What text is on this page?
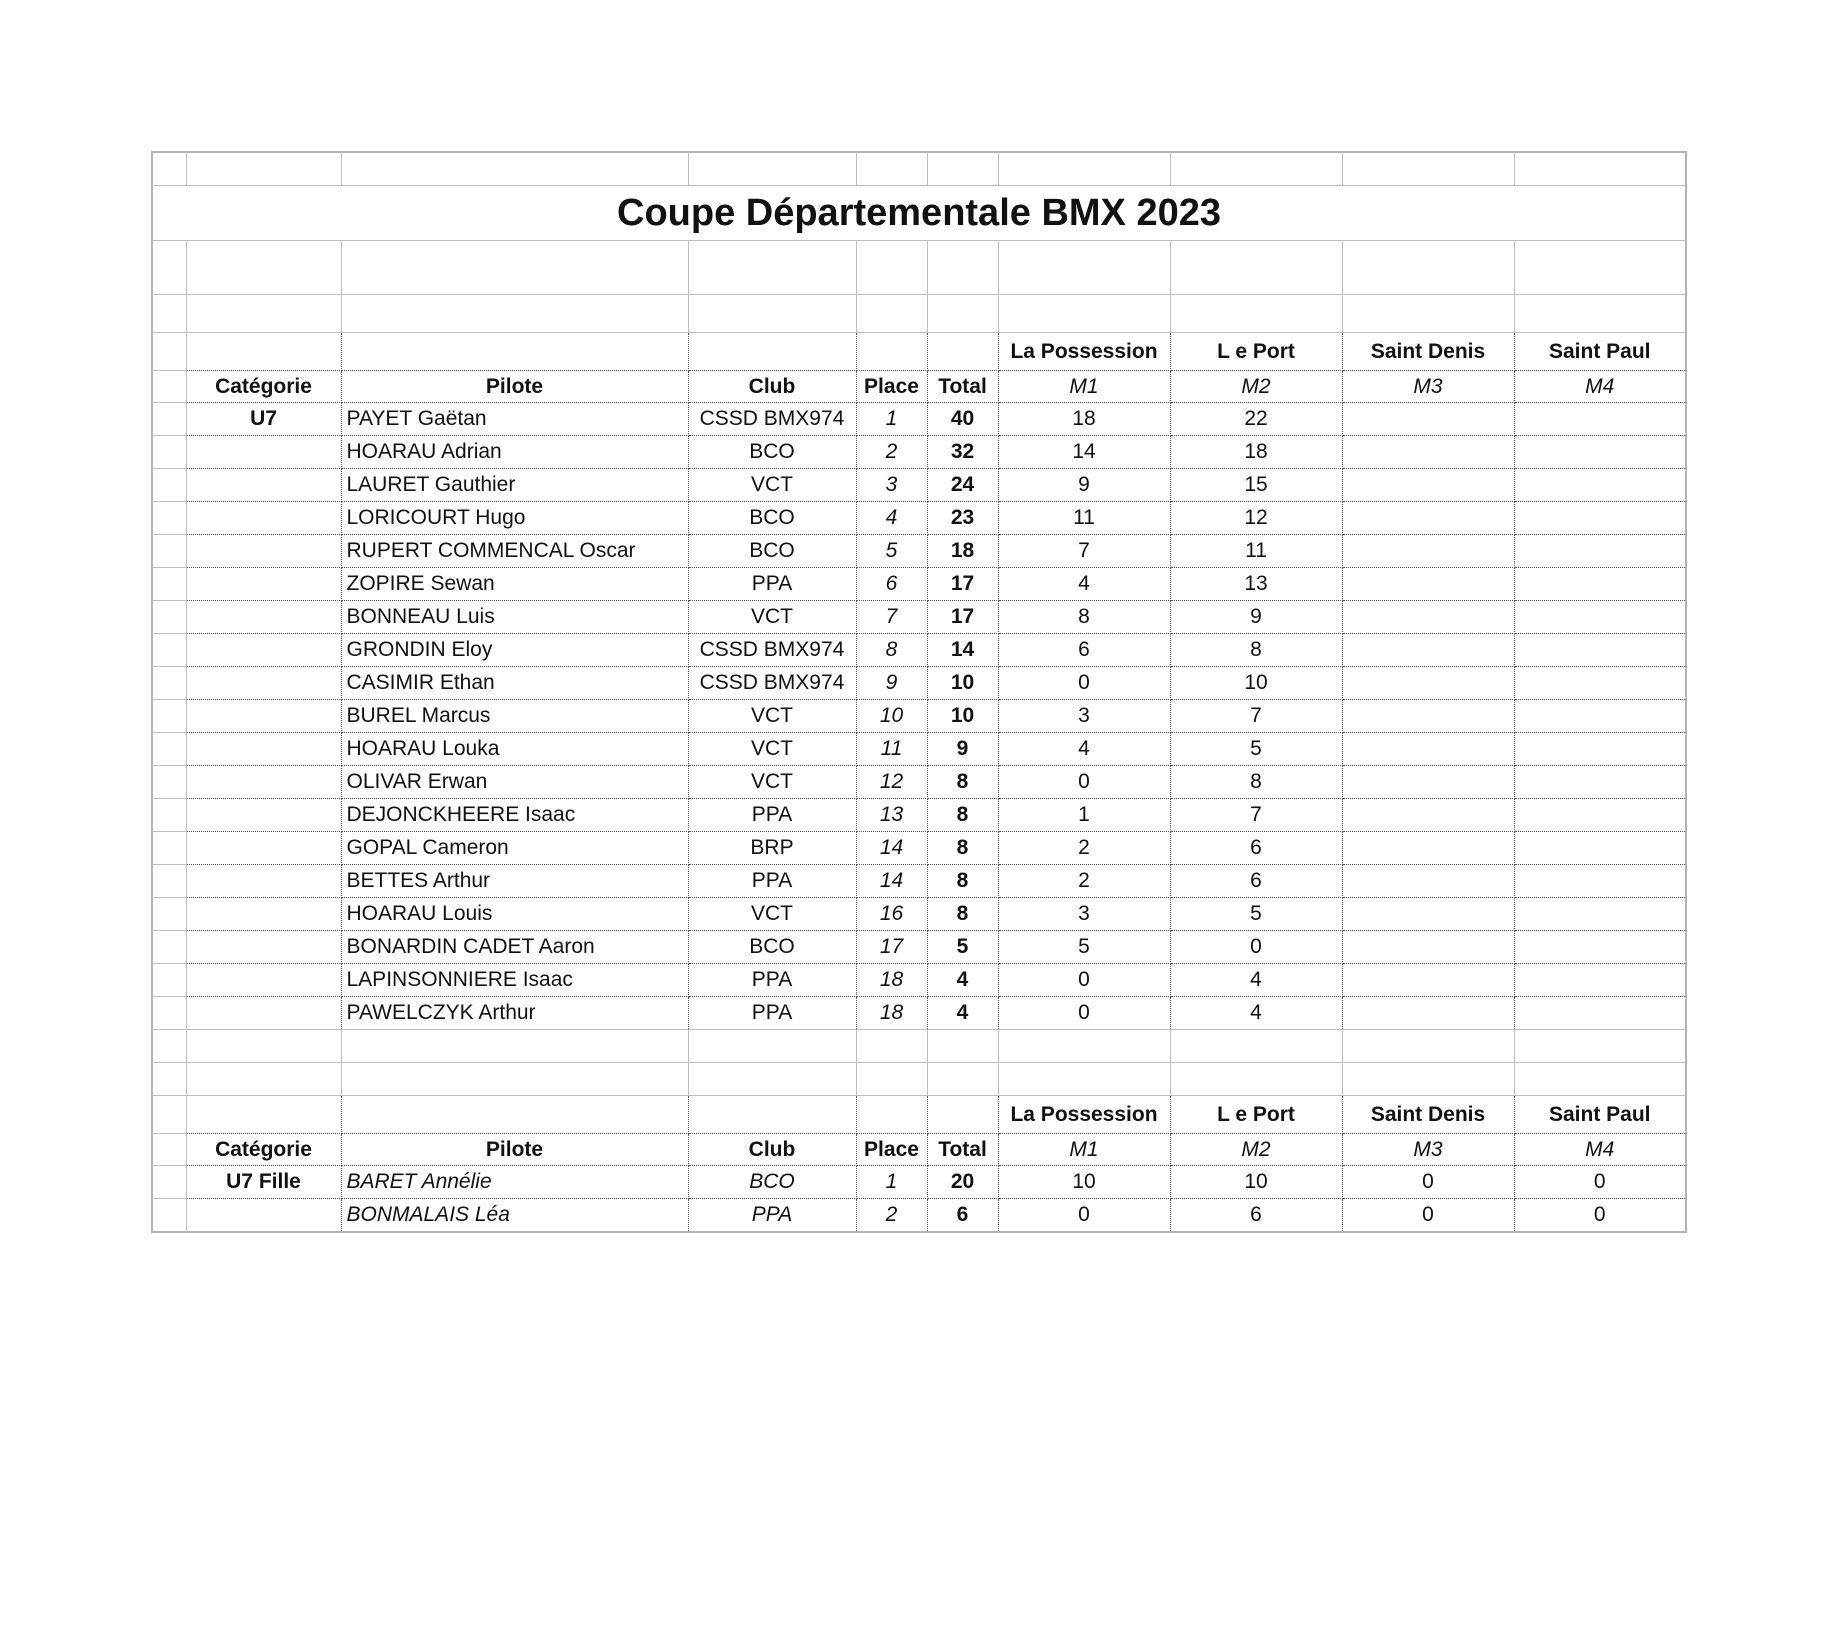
Coupe Départementale BMX 2023									

						La Possession	L e Port	Saint Denis	Saint Paul
	Catégorie	Pilote	Club	Place	Total	M1	M2	M3	M4
	U7	PAYET Gaëtan	CSSD BMX974	1	40	18	22		
		HOARAU Adrian	BCO	2	32	14	18		
		LAURET Gauthier	VCT	3	24	9	15		
		LORICOURT Hugo	BCO	4	23	11	12		
		RUPERT COMMENCAL Oscar	BCO	5	18	7	11		
		ZOPIRE Sewan	PPA	6	17	4	13		
		BONNEAU Luis	VCT	7	17	8	9		
		GRONDIN Eloy	CSSD BMX974	8	14	6	8		
		CASIMIR Ethan	CSSD BMX974	9	10	0	10		
		BUREL Marcus	VCT	10	10	3	7		
		HOARAU Louka	VCT	11	9	4	5		
		OLIVAR Erwan	VCT	12	8	0	8		
		DEJONCKHEERE Isaac	PPA	13	8	1	7		
		GOPAL Cameron	BRP	14	8	2	6		
		BETTES Arthur	PPA	14	8	2	6		
		HOARAU Louis	VCT	16	8	3	5		
		BONARDIN CADET Aaron	BCO	17	5	5	0		
		LAPINSONNIERE Isaac	PPA	18	4	0	4		
		PAWELCZYK Arthur	PPA	18	4	0	4		

						La Possession	L e Port	Saint Denis	Saint Paul
	Catégorie	Pilote	Club	Place	Total	M1	M2	M3	M4
	U7 Fille	BARET Annélie	BCO	1	20	10	10	0	0
		BONMALAIS Léa	PPA	2	6	0	6	0	0
